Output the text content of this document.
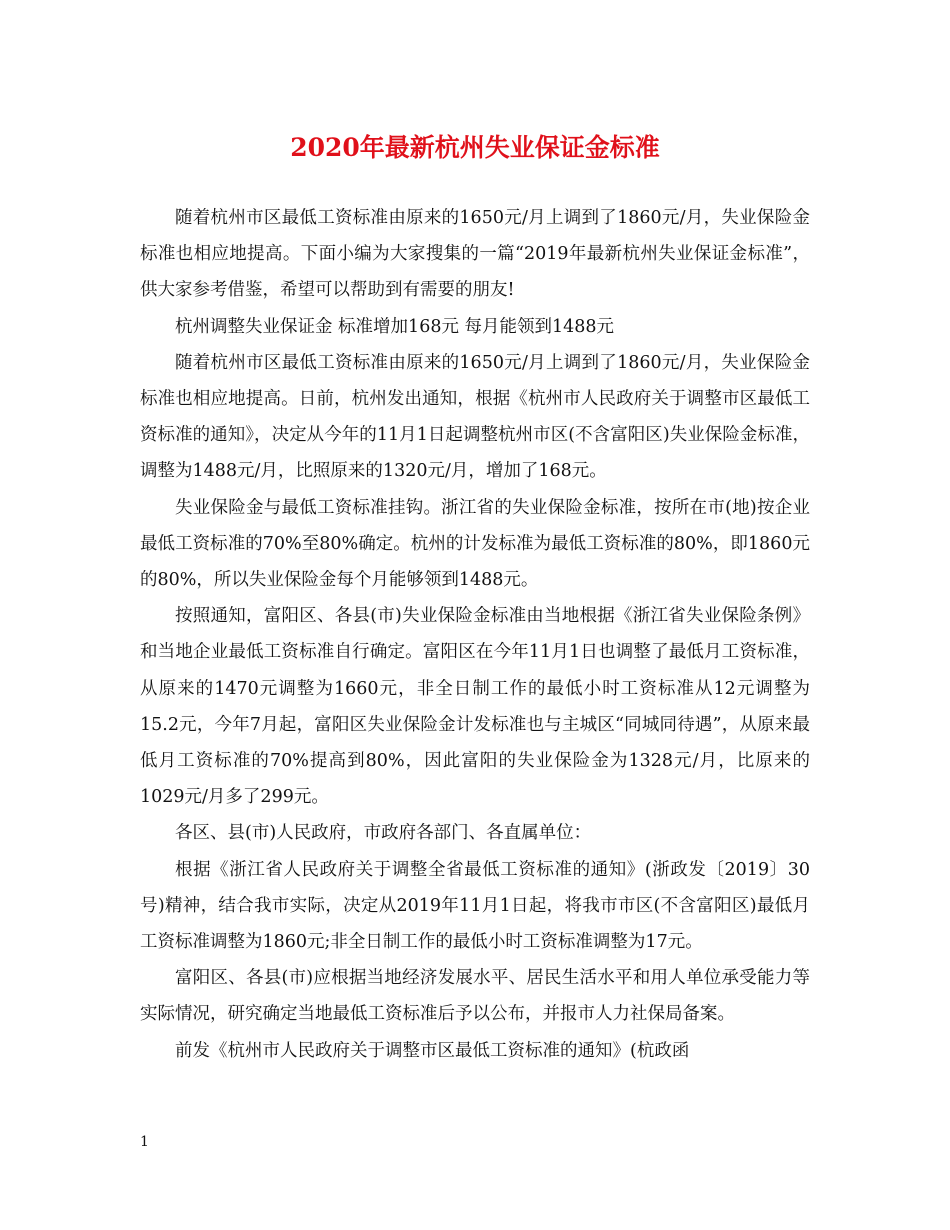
2020年最新杭州失业保证金标准

随着杭州市区最低工资标准由原来的1650元/月上调到了1860元/月，失业保险金标准也相应地提高。下面小编为大家搜集的一篇“2019年最新杭州失业保证金标准”，供大家参考借鉴，希望可以帮助到有需要的朋友!

杭州调整失业保证金 标准增加168元 每月能领到1488元

随着杭州市区最低工资标准由原来的1650元/月上调到了1860元/月，失业保险金标准也相应地提高。日前，杭州发出通知，根据《杭州市人民政府关于调整市区最低工资标准的通知》，决定从今年的11月1日起调整杭州市区(不含富阳区)失业保险金标准，调整为1488元/月，比照原来的1320元/月，增加了168元。

失业保险金与最低工资标准挂钩。浙江省的失业保险金标准，按所在市(地)按企业最低工资标准的70%至80%确定。杭州的计发标准为最低工资标准的80%，即1860元的80%，所以失业保险金每个月能够领到1488元。

按照通知，富阳区、各县(市)失业保险金标准由当地根据《浙江省失业保险条例》和当地企业最低工资标准自行确定。富阳区在今年11月1日也调整了最低月工资标准，从原来的1470元调整为1660元，非全日制工作的最低小时工资标准从12元调整为15.2元，今年7月起，富阳区失业保险金计发标准也与主城区“同城同待遇”，从原来最低月工资标准的70%提高到80%，因此富阳的失业保险金为1328元/月，比原来的1029元/月多了299元。

各区、县(市)人民政府，市政府各部门、各直属单位：

根据《浙江省人民政府关于调整全省最低工资标准的通知》(浙政发〔2019〕30号)精神，结合我市实际，决定从2019年11月1日起，将我市市区(不含富阳区)最低月工资标准调整为1860元;非全日制工作的最低小时工资标准调整为17元。

富阳区、各县(市)应根据当地经济发展水平、居民生活水平和用人单位承受能力等实际情况，研究确定当地最低工资标准后予以公布，并报市人力社保局备案。

前发《杭州市人民政府关于调整市区最低工资标准的通知》(杭政函

1
